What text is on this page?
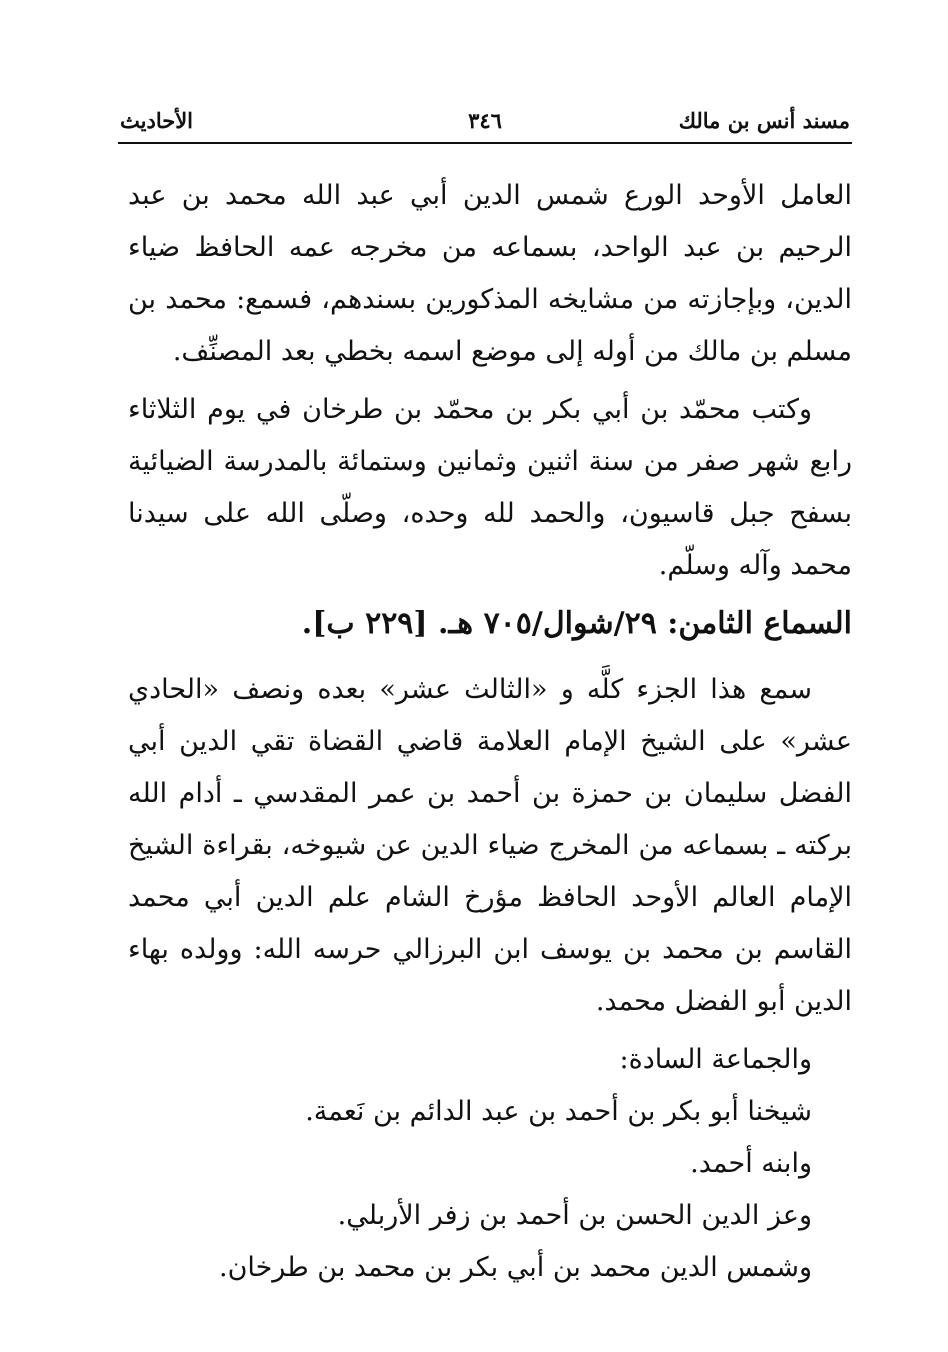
مسند أنس بن مالك
٣٤٦
الأحاديث

العامل الأوحد الورع شمس الدين أبي عبد الله محمد بن عبد الرحيم بن عبد الواحد، بسماعه من مخرجه عمه الحافظ ضياء الدين، وبإجازته من مشايخه المذكورين بسندهم، فسمع: محمد بن مسلم بن مالك من أوله إلى موضع اسمه بخطي بعد المصنِّف.

وكتب محمّد بن أبي بكر بن محمّد بن طرخان في يوم الثلاثاء رابع شهر صفر من سنة اثنين وثمانين وستمائة بالمدرسة الضيائية بسفح جبل قاسيون، والحمد لله وحده، وصلّى الله على سيدنا محمد وآله وسلّم.

السماع الثامن: ٢٩/شوال/٧٠٥ هـ. [٢٢٩ ب].

سمع هذا الجزء كلَّه و «الثالث عشر» بعده ونصف «الحادي عشر» على الشيخ الإمام العلامة قاضي القضاة تقي الدين أبي الفضل سليمان بن حمزة بن أحمد بن عمر المقدسي ـ أدام الله بركته ـ بسماعه من المخرج ضياء الدين عن شيوخه، بقراءة الشيخ الإمام العالم الأوحد الحافظ مؤرخ الشام علم الدين أبي محمد القاسم بن محمد بن يوسف ابن البرزالي حرسه الله: وولده بهاء الدين أبو الفضل محمد.

والجماعة السادة:

شيخنا أبو بكر بن أحمد بن عبد الدائم بن نَعمة.

وابنه أحمد.

وعز الدين الحسن بن أحمد بن زفر الأربلي.

وشمس الدين محمد بن أبي بكر بن محمد بن طرخان.
